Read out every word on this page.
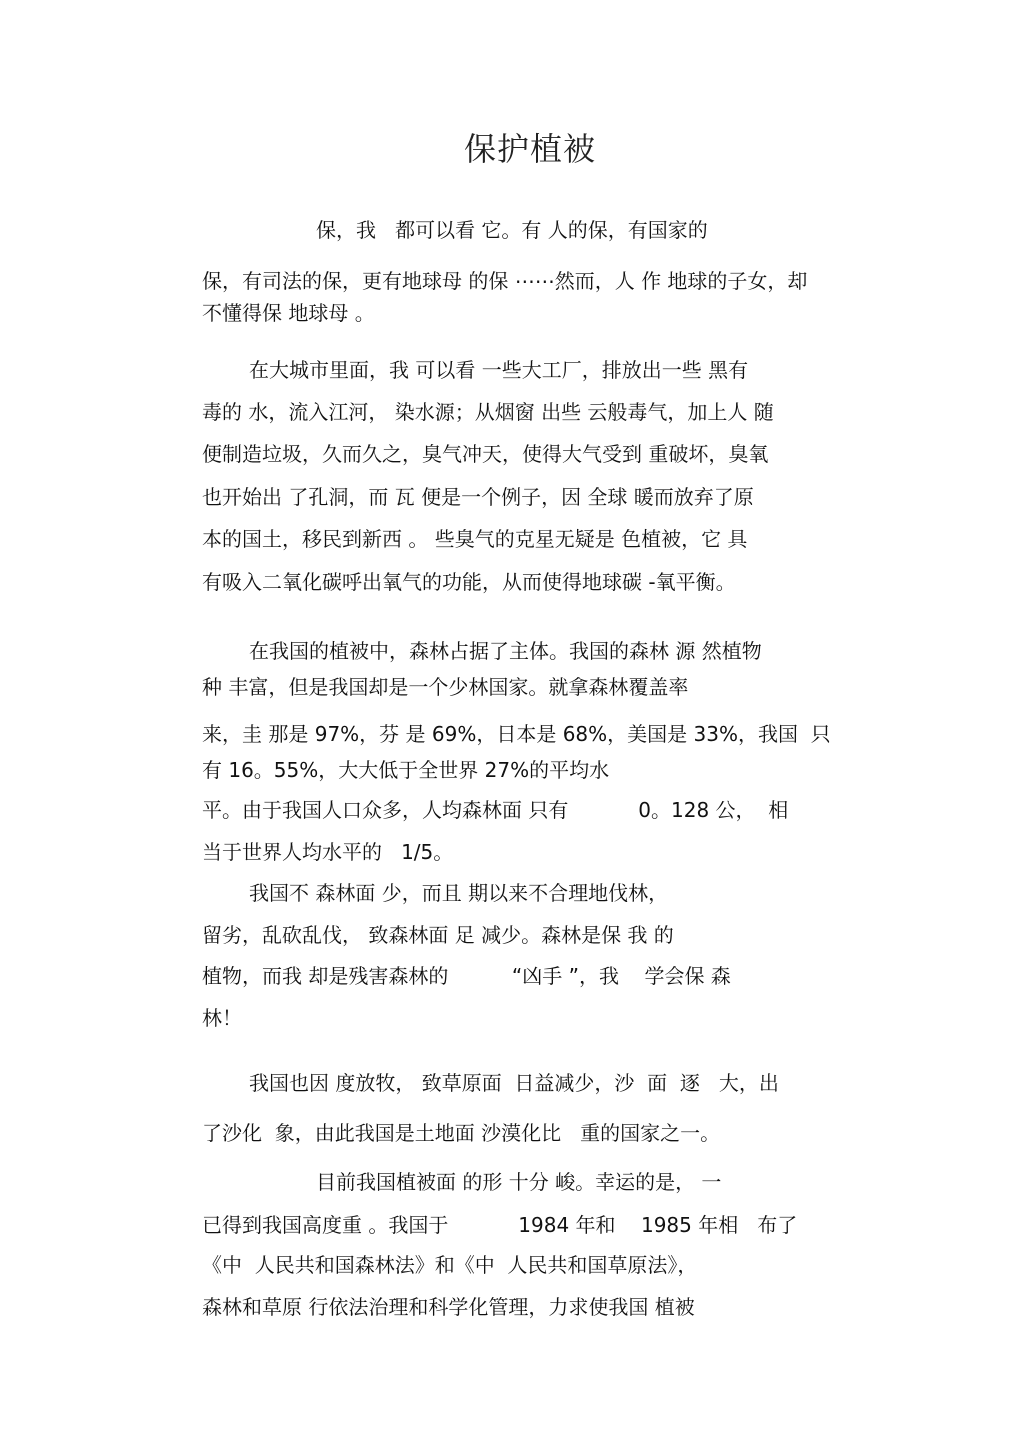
保护植被
保，我   都可以看 它。有 人的保，有国家的
保，有司法的保，更有地球母 的保 ⋯⋯然而，人 作 地球的子女，却
不懂得保 地球母 。
在大城市里面，我 可以看 一些大工厂，排放出一些 黑有
毒的 水，流入江河， 染水源；从烟窗 出些 云般毒气，加上人 随
便制造垃圾，久而久之，臭气冲天，使得大气受到 重破坏，臭氧
也开始出 了孔洞，而 瓦 便是一个例子，因 全球 暖而放弃了原
本的国土，移民到新西 。 些臭气的克星无疑是 色植被，它 具
有吸入二氧化碳呼出氧气的功能，从而使得地球碳 -氧平衡。
在我国的植被中，森林占据了主体。我国的森林 源 然植物
种 丰富，但是我国却是一个少林国家。就拿森林覆盖率
来，圭 那是 97%，芬 是 69%，日本是 68%，美国是 33%，我国  只
有 16。55%，大大低于全世界 27%的平均水
平。由于我国人口众多，人均森林面 只有           0。128 公，  相
当于世界人均水平的   1/5。
我国不 森林面 少，而且 期以来不合理地伐林，
留劣，乱砍乱伐， 致森林面 足 减少。森林是保 我 的
植物，而我 却是残害森林的          “凶手 ”，我    学会保 森
林！
我国也因 度放牧， 致草原面  日益减少，沙  面  逐   大，出
了沙化  象，由此我国是土地面 沙漠化比   重的国家之一。
目前我国植被面 的形 十分 峻。幸运的是， 一
已得到我国高度重 。我国于           1984 年和    1985 年相   布了
《中  人民共和国森林法》和《中  人民共和国草原法》，
森林和草原 行依法治理和科学化管理，力求使我国 植被
